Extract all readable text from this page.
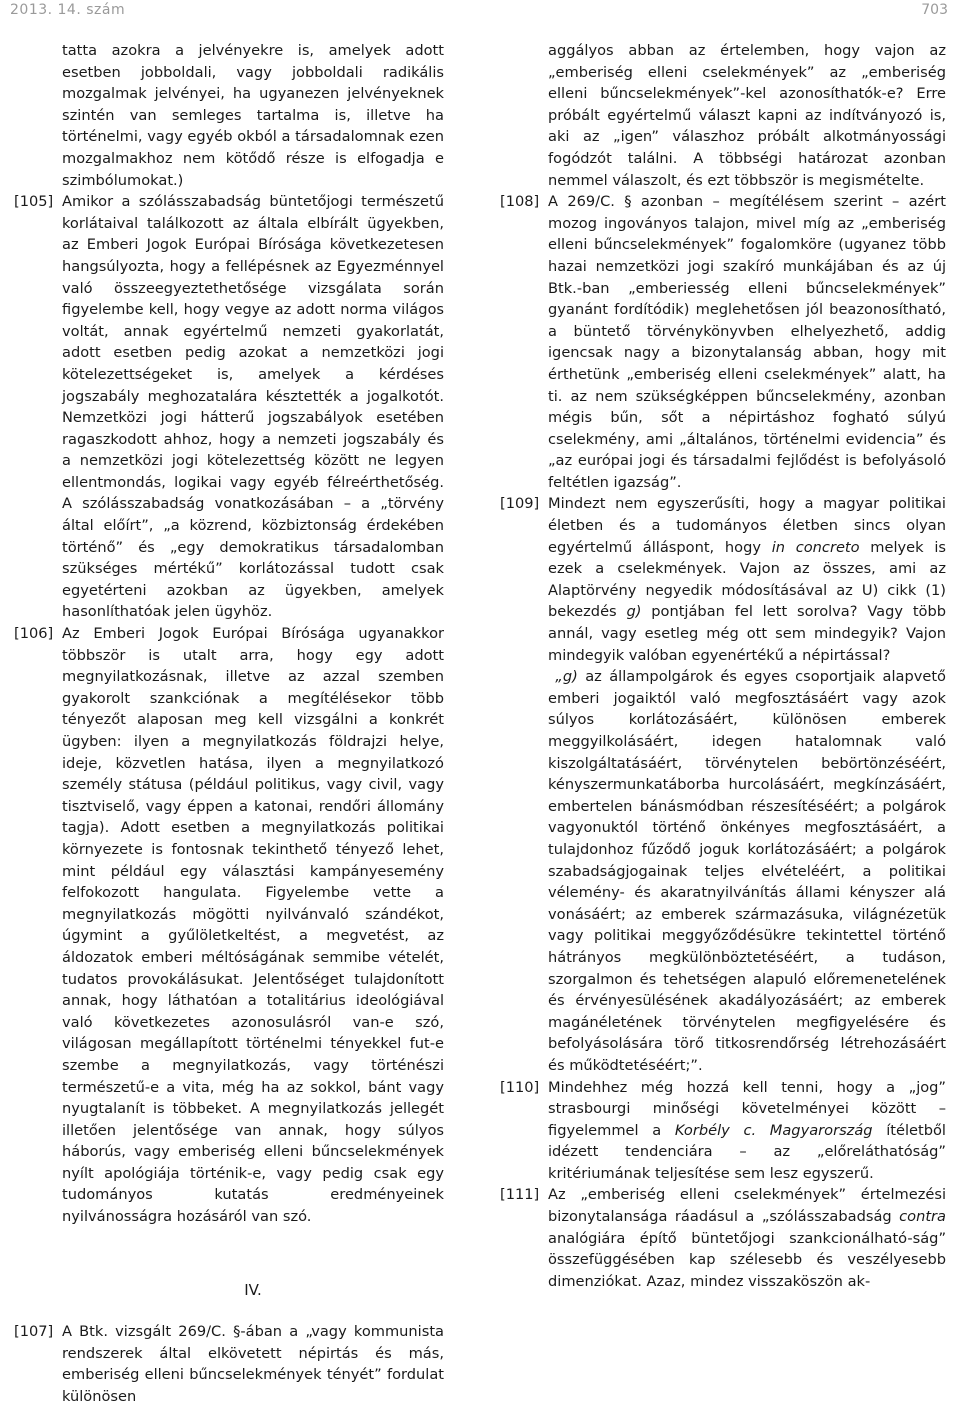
2013. 14. szám	703

tatta azokra a jelvényekre is, amelyek adott esetben jobboldali, vagy jobboldali radikális mozgalmak jelvényei, ha ugyanezen jelvényeknek szintén van semleges tartalma is, illetve ha történelmi, vagy egyéb okból a társadalomnak ezen mozgalmakhoz nem kötődő része is elfogadja e szimbólumokat.)

[105] Amikor a szólásszabadság büntetőjogi természetű korlátaival találkozott az általa elbírált ügyekben, az Emberi Jogok Európai Bírósága következetesen hangsúlyozta, hogy a fellépésnek az Egyezménnyel való összeegyeztethetősége vizsgálata során figyelembe kell, hogy vegye az adott norma világos voltát, annak egyértelmű nemzeti gyakorlatát, adott esetben pedig azokat a nemzetközi jogi kötelezettségeket is, amelyek a kérdéses jogszabály meghozatalára késztették a jogalkotót. Nemzetközi jogi hátterű jogszabályok esetében ragaszkodott ahhoz, hogy a nemzeti jogszabály és a nemzetközi jogi kötelezettség között ne legyen ellentmondás, logikai vagy egyéb félreérthetőség. A szólásszabadság vonatkozásában – a „törvény által előírt”, „a közrend, közbiztonság érdekében történő” és „egy demokratikus társadalomban szükséges mértékű” korlátozással tudott csak egyetérteni azokban az ügyekben, amelyek hasonlíthatóak jelen ügyhöz.

[106] Az Emberi Jogok Európai Bírósága ugyanakkor többször is utalt arra, hogy egy adott megnyilatkozásnak, illetve az azzal szemben gyakorolt szankciónak a megítélésekor több tényezőt alaposan meg kell vizsgálni a konkrét ügyben: ilyen a megnyilatkozás földrajzi helye, ideje, közvetlen hatása, ilyen a megnyilatkozó személy státusa (például politikus, vagy civil, vagy tisztviselő, vagy éppen a katonai, rendőri állomány tagja). Adott esetben a megnyilatkozás politikai környezete is fontosnak tekinthető tényező lehet, mint például egy választási kampányesemény felfokozott hangulata. Figyelembe vette a megnyilatkozás mögötti nyilvánvaló szándékot, úgymint a gyűlöletkeltést, a megvetést, az áldozatok emberi méltóságának semmibe vételét, tudatos provokálásukat. Jelentőséget tulajdonított annak, hogy láthatóan a totalitárius ideológiával való következetes azonosulásról van-e szó, világosan megállapított történelmi tényekkel fut-e szembe a megnyilatkozás, vagy történészi természetű-e a vita, még ha az sokkol, bánt vagy nyugtalanít is többeket. A megnyilatkozás jellegét illetően jelentősége van annak, hogy súlyos háborús, vagy emberiség elleni bűncselekmények nyílt apológiája történik-e, vagy pedig csak egy tudományos kutatás eredményeinek nyilvánosságra hozásáról van szó.

IV.

[107] A Btk. vizsgált 269/C. §-ában a „vagy kommunista rendszerek által elkövetett népirtás és más, emberiség elleni bűncselekmények tényét” fordulat különösen

aggályos abban az értelemben, hogy vajon az „emberiség elleni cselekmények” az „emberiség elleni bűncselekmények”-kel azonosíthatók-e? Erre próbált egyértelmű választ kapni az indítványozó is, aki az „igen” válaszhoz próbált alkotmányossági fogódzót találni. A többségi határozat azonban nemmel válaszolt, és ezt többször is megismételte.

[108] A 269/C. § azonban – megítélésem szerint – azért mozog ingoványos talajon, mivel míg az „emberiség elleni bűncselekmények” fogalomköre (ugyanez több hazai nemzetközi jogi szakíró munkájában és az új Btk.-ban „emberiesség elleni bűncselekmények” gyanánt fordítódik) meglehetősen jól beazonosítható, a büntető törvénykönyvben elhelyezhető, addig igencsak nagy a bizonytalanság abban, hogy mit érthetünk „emberiség elleni cselekmények” alatt, ha ti. az nem szükségképpen bűncselekmény, azonban mégis bűn, sőt a népirtáshoz fogható súlyú cselekmény, ami „általános, történelmi evidencia” és „az európai jogi és társadalmi fejlődést is befolyásoló feltétlen igazság”.

[109] Mindezt nem egyszerűsíti, hogy a magyar politikai életben és a tudományos életben sincs olyan egyértelmű álláspont, hogy in concreto melyek is ezek a cselekmények. Vajon az összes, ami az Alaptörvény negyedik módosításával az U) cikk (1) bekezdés g) pontjában fel lett sorolva? Vagy több annál, vagy esetleg még ott sem mindegyik? Vajon mindegyik valóban egyenértékű a népirtással?

 „g) az állampolgárok és egyes csoportjaik alapvető emberi jogaiktól való megfosztásáért vagy azok súlyos korlátozásáért, különösen emberek meggyilkolásáért, idegen hatalomnak való kiszolgáltatásáért, törvénytelen bebörtönzéséért, kényszermunkatáborba hurcolásáért, megkínzásáért, embertelen bánásmódban részesítéséért; a polgárok vagyonuktól történő önkényes megfosztásáért, a tulajdonhoz fűződő joguk korlátozásáért; a polgárok szabadságjogainak teljes elvételéért, a politikai vélemény- és akaratnyilvánítás állami kényszer alá vonásáért; az emberek származásuka, világnézetük vagy politikai meggyőződésükre tekintettel történő hátrányos megkülönböztetéséért, a tudáson, szorgalmon és tehetségen alapuló előremenetelének és érvényesülésének akadályozásáért; az emberek magánéletének törvénytelen megfigyelésére és befolyásolására törő titkosrendőrség létrehozásáért és működtetéséért;”.

[110] Mindehhez még hozzá kell tenni, hogy a „jog” strasbourgi minőségi követelményei között – figyelemmel a Korbély c. Magyarország ítéletből idézett tendenciára – az „előreláthatóság” kritériumának teljesítése sem lesz egyszerű.

[111] Az „emberiség elleni cselekmények” értelmezési bizonytalansága ráadásul a „szólásszabadság contra analógiára építő büntetőjogi szankcionálható-ság” összefüggésében kap szélesebb és veszélyesebb dimenziókat. Azaz, mindez visszaköszön ak-
